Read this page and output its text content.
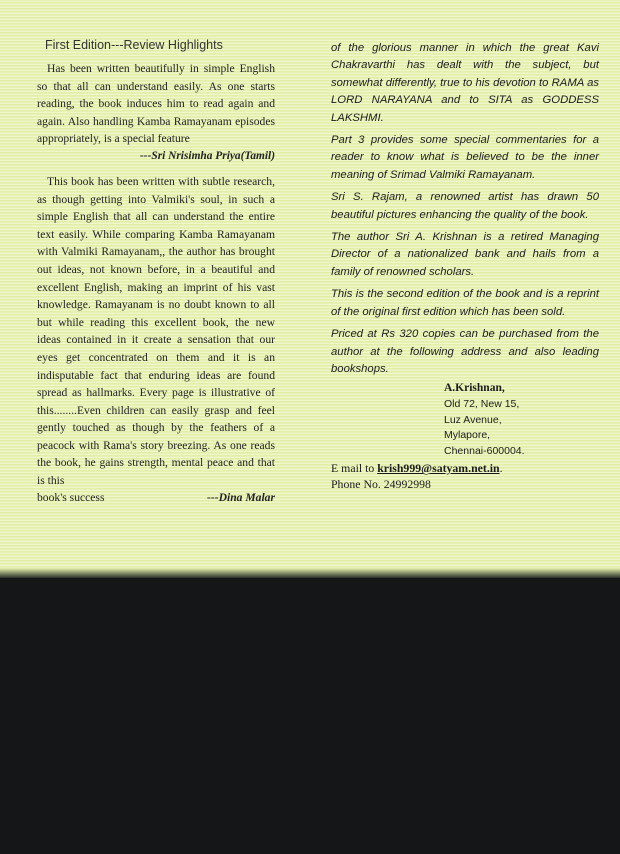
First Edition---Review Highlights

Has been written beautifully in simple English so that all can understand easily. As one starts reading, the book induces him to read again and again. Also handling Kamba Ramayanam episodes appropriately, is a special feature

---Sri Nrisimha Priya(Tamil)

This book has been written with subtle research, as though getting into Valmiki's soul, in such a simple English that all can understand the entire text easily. While comparing Kamba Ramayanam with Valmiki Ramayanam,, the author has brought out ideas, not known before, in a beautiful and excellent English, making an imprint of his vast knowledge. Ramayanam is no doubt known to all but while reading this excellent book, the new ideas contained in it create a sensation that our eyes get concentrated on them and it is an indisputable fact that enduring ideas are found spread as hallmarks. Every page is illustrative of this........Even children can easily grasp and feel gently touched as though by the feathers of a peacock with Rama's story breezing. As one reads the book, he gains strength, mental peace and that is this

book's success	---Dina Malar

of the glorious manner in which the great Kavi Chakravarthi has dealt with the subject, but somewhat differently, true to his devotion to RAMA as LORD NARAYANA and to SITA as GODDESS LAKSHMI.

Part 3 provides some special commentaries for a reader to know what is believed to be the inner meaning of Srimad Valmiki Ramayanam.

Sri S. Rajam, a renowned artist has drawn 50 beautiful pictures enhancing the quality of the book.

The author Sri A. Krishnan is a retired Managing Director of a nationalized bank and hails from a family of renowned scholars.

This is the second edition of the book and is a reprint of the original first edition which has been sold.

Priced at Rs 320 copies can be purchased from the author at the following address and also leading bookshops.

A.Krishnan,
Old 72, New 15,
Luz Avenue,
Mylapore,
Chennai-600004.
E mail to krish999@satyam.net.in.
Phone No. 24992998
